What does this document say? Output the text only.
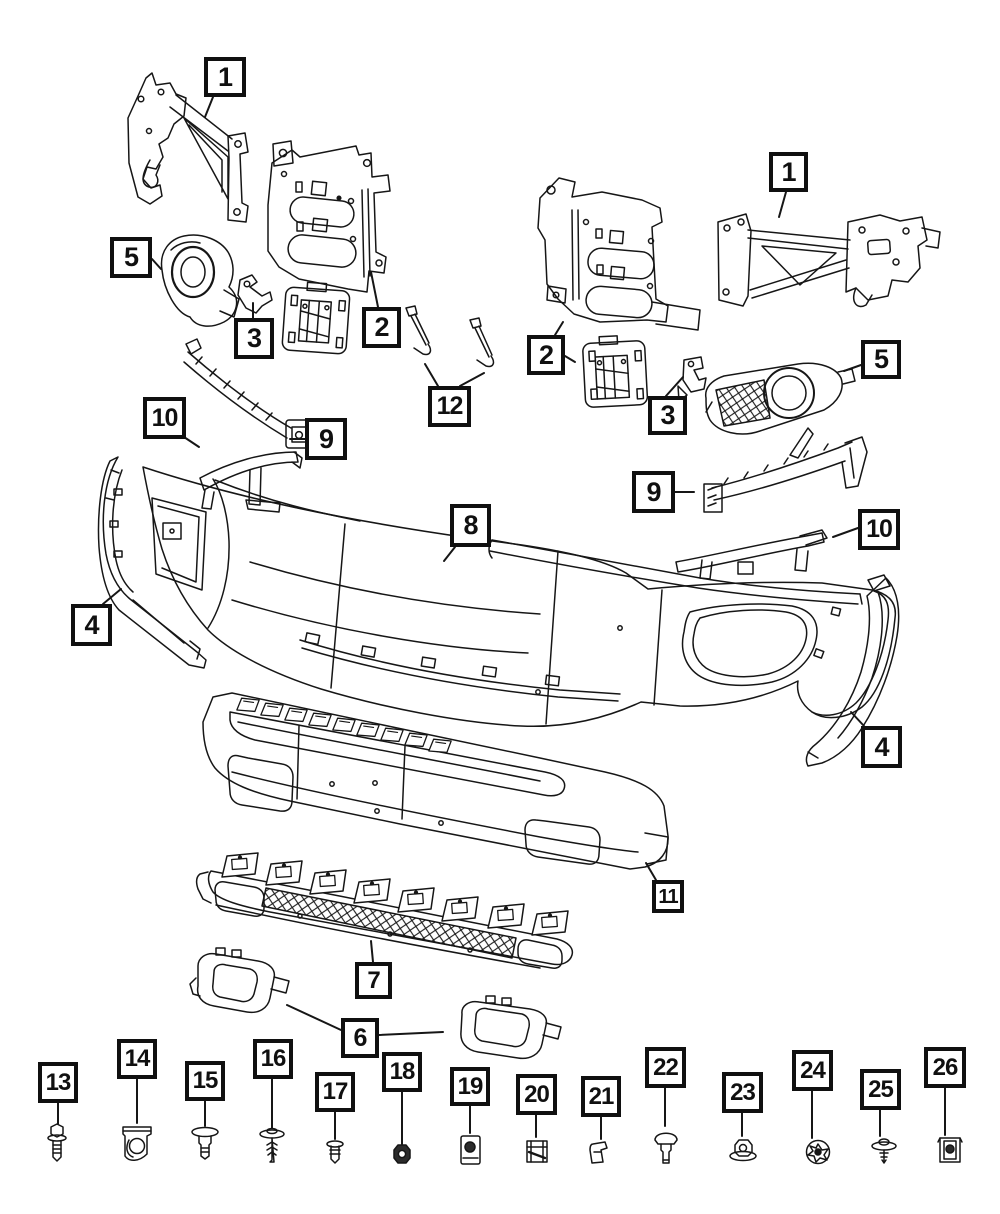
1
1
5
3	2
2
3
5
12
10
9
9
10
8
4
4
11
7
6
13
14
15
16
17
18
19	20	21
22
23
24
25
26
